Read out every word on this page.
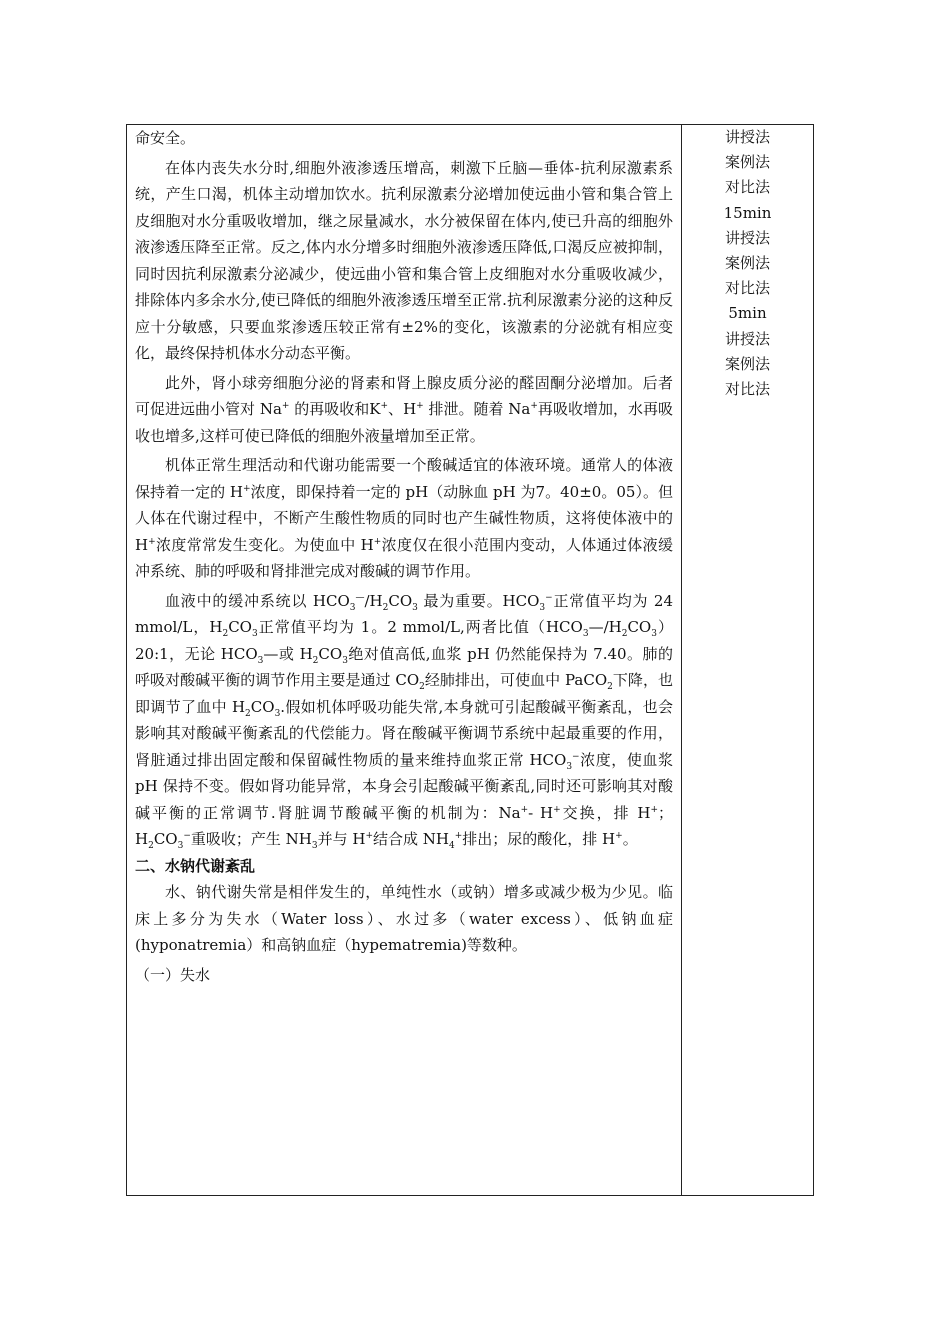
命安全。

在体内丧失水分时,细胞外液渗透压增高，刺激下丘脑—垂体-抗利尿激素系统，产生口渴，机体主动增加饮水。抗利尿激素分泌增加使远曲小管和集合管上皮细胞对水分重吸收增加，继之尿量减水，水分被保留在体内,使已升高的细胞外液渗透压降至正常。反之,体内水分增多时细胞外液渗透压降低,口渴反应被抑制，同时因抗利尿激素分泌减少，使远曲小管和集合管上皮细胞对水分重吸收减少，排除体内多余水分,使已降低的细胞外液渗透压增至正常.抗利尿激素分泌的这种反应十分敏感，只要血浆渗透压较正常有±2%的变化，该激素的分泌就有相应变化，最终保持机体水分动态平衡。

此外，肾小球旁细胞分泌的肾素和肾上腺皮质分泌的醛固酮分泌增加。后者可促进远曲小管对 Na+ 的再吸收和K+、H+ 排泄。随着 Na+再吸收增加，水再吸收也增多,这样可使已降低的细胞外液量增加至正常。

机体正常生理活动和代谢功能需要一个酸碱适宜的体液环境。通常人的体液保持着一定的 H+浓度，即保持着一定的 pH（动脉血 pH 为7。40±0。05）。但人体在代谢过程中，不断产生酸性物质的同时也产生碱性物质，这将使体液中的 H+浓度常常发生变化。为使血中 H+浓度仅在很小范围内变动，人体通过体液缓冲系统、肺的呼吸和肾排泄完成对酸碱的调节作用。

血液中的缓冲系统以 $HCO_3^—/H_2CO_3$ 最为重要。$HCO_3^-$正常值平均为 24 mmol/L，$H_2CO_3$正常值平均为 1。2 mmol/L,两者比值$(HCO_3—/H_2CO_3)20:1$，无论 $HCO_3—$或 $H_2CO_3$绝对值高低,血浆 pH 仍然能保持为 7.40。肺的呼吸对酸碱平衡的调节作用主要是通过 $CO_2$经肺排出，可使血中 PaCO$_2$下降，也即调节了血中 $H_2CO_3$.假如机体呼吸功能失常,本身就可引起酸碱平衡紊乱，也会影响其对酸碱平衡紊乱的代偿能力。肾在酸碱平衡调节系统中起最重要的作用，肾脏通过排出固定酸和保留碱性物质的量来维持血浆正常 $HCO_3^-$浓度，使血浆 pH 保持不变。假如肾功能异常，本身会引起酸碱平衡紊乱,同时还可影响其对酸碱平衡的正常调节.肾脏调节酸碱平衡的机制为：Na+- H+交换，排 H+；$H_2CO_3^-$重吸收；产生 $NH_3$并与 H+结合成 $NH_4^+$排出；尿的酸化，排 H+。

二、水钠代谢紊乱

水、钠代谢失常是相伴发生的，单纯性水（或钠）增多或减少极为少见。临床上多分为失水（Water loss）、水过多（water excess）、低钠血症(hyponatremia）和高钠血症（hypematremia)等数种。

（一）失水

讲授法
案例法
对比法
15min
讲授法
案例法
对比法
5min
讲授法
案例法
对比法
